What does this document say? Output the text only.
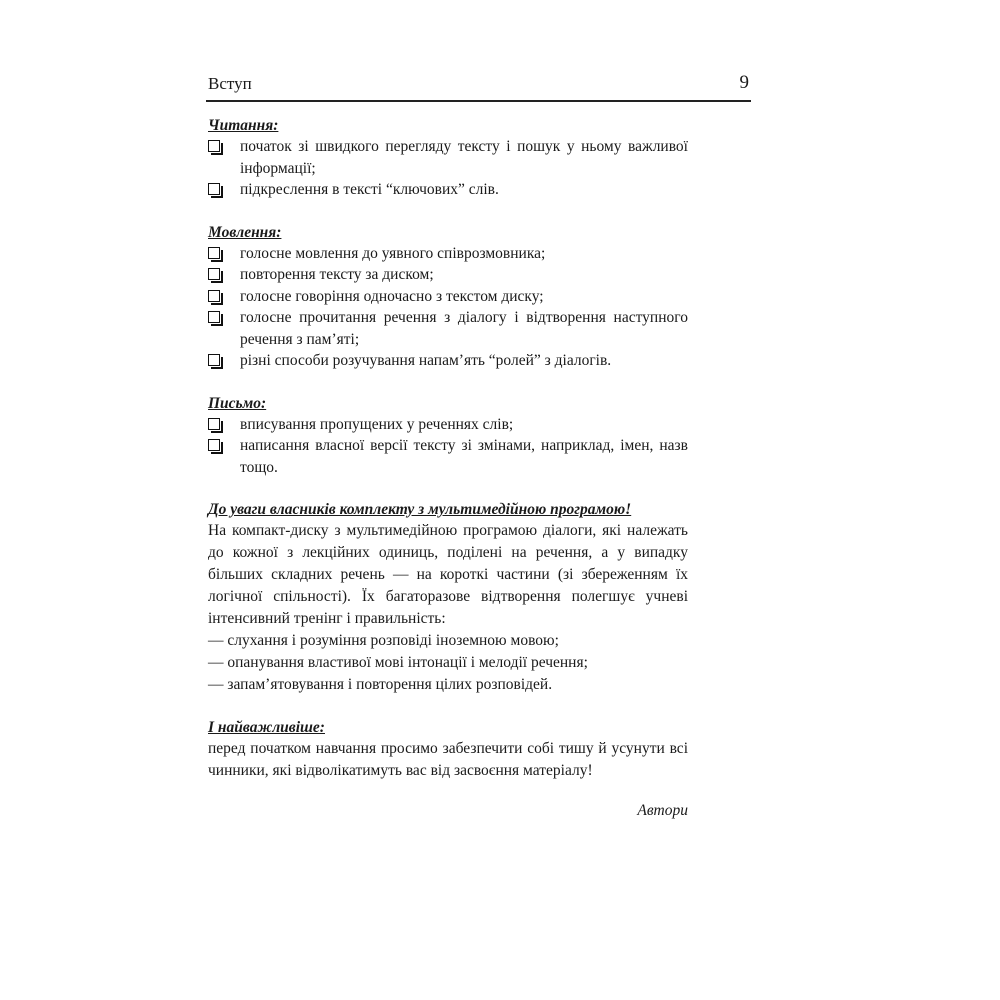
Вступ	9

Читання:

початок зі швидкого перегляду тексту і пошук у ньому важливої інформації;
підкреслення в тексті “ключових” слів.

Мовлення:

голосне мовлення до уявного співрозмовника;
повторення тексту за диском;
голосне говоріння одночасно з текстом диску;
голосне прочитання речення з діалогу і відтворення наступного речення з пам’яті;
різні способи розучування напам’ять “ролей” з діалогів.

Письмо:

вписування пропущених у реченнях слів;
написання власної версії тексту зі змінами, наприклад, імен, назв тощо.

До уваги власників комплекту з мультимедійною програмою!

На компакт-диску з мультимедійною програмою діалоги, які належать до кожної з лекційних одиниць, поділені на речення, а у випадку більших складних речень — на короткі частини (зі збереженням їх логічної спільності). Їх багаторазове відтворення полегшує учневі інтенсивний тренінг і правильність:

— слухання і розуміння розповіді іноземною мовою;

— опанування властивої мові інтонації і мелодії речення;

— запам’ятовування і повторення цілих розповідей.

І найважливіше:

перед початком навчання просимо забезпечити собі тишу й усунути всі чинники, які відволікатимуть вас від засвоєння матеріалу!

Автори
